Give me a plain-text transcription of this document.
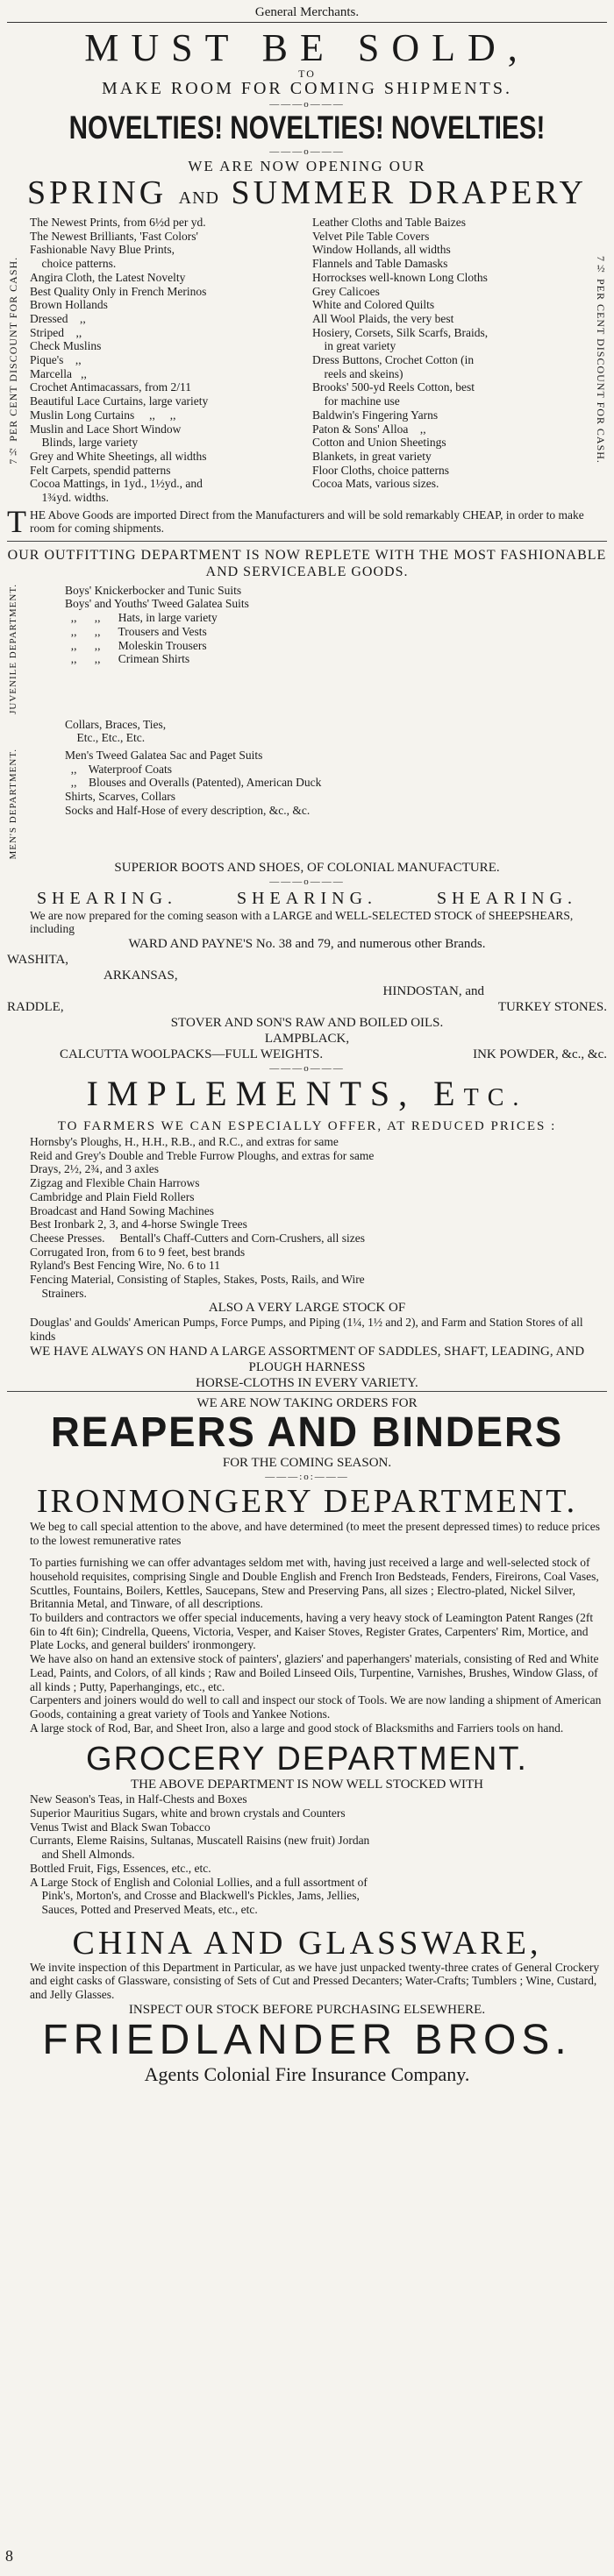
General Merchants.
MUST BE SOLD,
TO
MAKE ROOM FOR COMING SHIPMENTS.
———o———
NOVELTIES! NOVELTIES! NOVELTIES!
———o———
WE ARE NOW OPENING OUR
SPRING AND SUMMER DRAPERY
7½ PER CENT DISCOUNT FOR CASH.

The Newest Prints, from 6½d per yd.

The Newest Brilliants, 'Fast Colors'

Fashionable Navy Blue Prints,

choice patterns.

Angira Cloth, the Latest Novelty

Best Quality Only in French Merinos

Brown Hollands

Dressed    ,,

Striped    ,,

Check Muslins

Pique's    ,,

Marcella   ,,

Crochet Antimacassars, from 2/11

Beautiful Lace Curtains, large variety

Muslin Long Curtains     ,,     ,,

Muslin and Lace Short Window

Blinds, large variety

Grey and White Sheetings, all widths

Felt Carpets, spendid patterns

Cocoa Mattings, in 1yd., 1½yd., and

1¾yd. widths.

Leather Cloths and Table Baizes

Velvet Pile Table Covers

Window Hollands, all widths

Flannels and Table Damasks

Horrockses well-known Long Cloths

Grey Calicoes

White and Colored Quilts

All Wool Plaids, the very best

Hosiery, Corsets, Silk Scarfs, Braids,

in great variety

Dress Buttons, Crochet Cotton (in

reels and skeins)

Brooks' 500-yd Reels Cotton, best

for machine use

Baldwin's Fingering Yarns

Paton & Sons' Alloa    ,,

Cotton and Union Sheetings

Blankets, in great variety

Floor Cloths, choice patterns

Cocoa Mats, various sizes.

7½ PER CENT DISCOUNT FOR CASH.
THE Above Goods are imported Direct from the Manufacturers and will be sold remarkably CHEAP, in order to make room for coming shipments.
OUR OUTFITTING DEPARTMENT IS NOW REPLETE WITH THE MOST FASHIONABLE AND SERVICEABLE GOODS.
JUVENILE DEPARTMENT.	Boys' Knickerbocker and Tunic Suits

Boys' and Youths' Tweed Galatea Suits

,,      ,,      Hats, in large variety

,,      ,,      Trousers and Vests

,,      ,,      Moleskin Trousers

,,      ,,      Crimean Shirts

Collars, Braces, Ties,

Etc., Etc., Etc.

MEN'S DEPARTMENT.	Men's Tweed Galatea Sac and Paget Suits

,,    Waterproof Coats

,,    Blouses and Overalls (Patented), American Duck

Shirts, Scarves, Collars

Socks and Half-Hose of every description, &c., &c.

SUPERIOR BOOTS AND SHOES, OF COLONIAL MANUFACTURE.
———o———
SHEARING.	SHEARING.	SHEARING.

We are now prepared for the coming season with a LARGE and WELL-SELECTED STOCK of SHEEPSHEARS, including

WARD AND PAYNE'S No. 38 and 79, and numerous other Brands.
WASHITA,
ARKANSAS,
HINDOSTAN, and
RADDLE,	TURKEY STONES.
STOVER AND SON'S RAW AND BOILED OILS.
LAMPBLACK,
CALCUTTA WOOLPACKS—FULL WEIGHTS.	INK POWDER, &c., &c.
———o———
IMPLEMENTS, ETC.
TO FARMERS WE CAN ESPECIALLY OFFER, AT REDUCED PRICES :

Hornsby's Ploughs, H., H.H., R.B., and R.C., and extras for same

Reid and Grey's Double and Treble Furrow Ploughs, and extras for same

Drays, 2½, 2¾, and 3 axles

Zigzag and Flexible Chain Harrows

Cambridge and Plain Field Rollers

Broadcast and Hand Sowing Machines

Best Ironbark 2, 3, and 4-horse Swingle Trees

Cheese Presses.     Bentall's Chaff-Cutters and Corn-Crushers, all sizes

Corrugated Iron, from 6 to 9 feet, best brands

Ryland's Best Fencing Wire, No. 6 to 11

Fencing Material, Consisting of Staples, Stakes, Posts, Rails, and Wire

Strainers.

ALSO A VERY LARGE STOCK OF

Douglas' and Goulds' American Pumps, Force Pumps, and Piping (1¼, 1½ and 2), and Farm and Station Stores of all kinds

WE HAVE ALWAYS ON HAND A LARGE ASSORTMENT OF SADDLES, SHAFT, LEADING, AND PLOUGH HARNESS
HORSE-CLOTHS IN EVERY VARIETY.
WE ARE NOW TAKING ORDERS FOR
REAPERS AND BINDERS
FOR THE COMING SEASON.
———:o:———
IRONMONGERY DEPARTMENT.

We beg to call special attention to the above, and have determined (to meet the present depressed times) to reduce prices to the lowest remunerative rates

To parties furnishing we can offer advantages seldom met with, having just received a large and well-selected stock of household requisites, comprising Single and Double English and French Iron Bedsteads, Fenders, Fireirons, Coal Vases, Scuttles, Fountains, Boilers, Kettles, Saucepans, Stew and Preserving Pans, all sizes ; Electro-plated, Nickel Silver, Britannia Metal, and Tinware, of all descriptions.

To builders and contractors we offer special inducements, having a very heavy stock of Leamington Patent Ranges (2ft 6in to 4ft 6in); Cindrella, Queens, Victoria, Vesper, and Kaiser Stoves, Register Grates, Carpenters' Rim, Mortice, and Plate Locks, and general builders' ironmongery.

We have also on hand an extensive stock of painters', glaziers' and paperhangers' materials, consisting of Red and White Lead, Paints, and Colors, of all kinds ; Raw and Boiled Linseed Oils, Turpentine, Varnishes, Brushes, Window Glass, of all kinds ; Putty, Paperhangings, etc., etc.

Carpenters and joiners would do well to call and inspect our stock of Tools. We are now landing a shipment of American Goods, containing a great variety of Tools and Yankee Notions.

A large stock of Rod, Bar, and Sheet Iron, also a large and good stock of Blacksmiths and Farriers tools on hand.

GROCERY DEPARTMENT.
THE ABOVE DEPARTMENT IS NOW WELL STOCKED WITH

New Season's Teas, in Half-Chests and Boxes

Superior Mauritius Sugars, white and brown crystals and Counters

Venus Twist and Black Swan Tobacco

Currants, Eleme Raisins, Sultanas, Muscatell Raisins (new fruit) Jordan

and Shell Almonds.

Bottled Fruit, Figs, Essences, etc., etc.

A Large Stock of English and Colonial Lollies, and a full assortment of

Pink's, Morton's, and Crosse and Blackwell's Pickles, Jams, Jellies,

Sauces, Potted and Preserved Meats, etc., etc.

CHINA AND GLASSWARE,

We invite inspection of this Department in Particular, as we have just unpacked twenty-three crates of General Crockery and eight casks of Glassware, consisting of Sets of Cut and Pressed Decanters; Water-Crafts; Tumblers ; Wine, Custard, and Jelly Glasses.

INSPECT OUR STOCK BEFORE PURCHASING ELSEWHERE.
FRIEDLANDER BROS.
Agents Colonial Fire Insurance Company.
8
